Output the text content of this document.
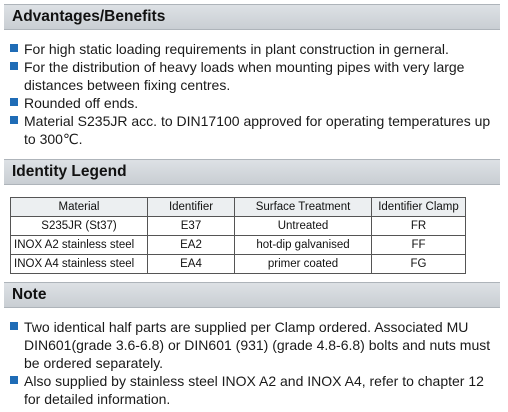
Advantages/Benefits
For high static loading requirements in plant construction in gerneral.
For the distribution of heavy loads when mounting pipes with very large distances between fixing centres.
Rounded off ends.
Material S235JR acc. to DIN17100 approved for operating temperatures up to 300℃.
Identity Legend
Material	Identifier	Surface Treatment	Identifier Clamp
S235JR (St37)	E37	Untreated	FR
INOX A2 stainless steel	EA2	hot-dip galvanised	FF
INOX A4 stainless steel	EA4	primer coated	FG
Note
Two identical half parts are supplied per Clamp ordered. Associated MU DIN601(grade 3.6-6.8) or DIN601 (931) (grade 4.8-6.8) bolts and nuts must be ordered separately.
Also supplied by stainless steel INOX A2 and INOX A4, refer to chapter 12 for detailed information.
